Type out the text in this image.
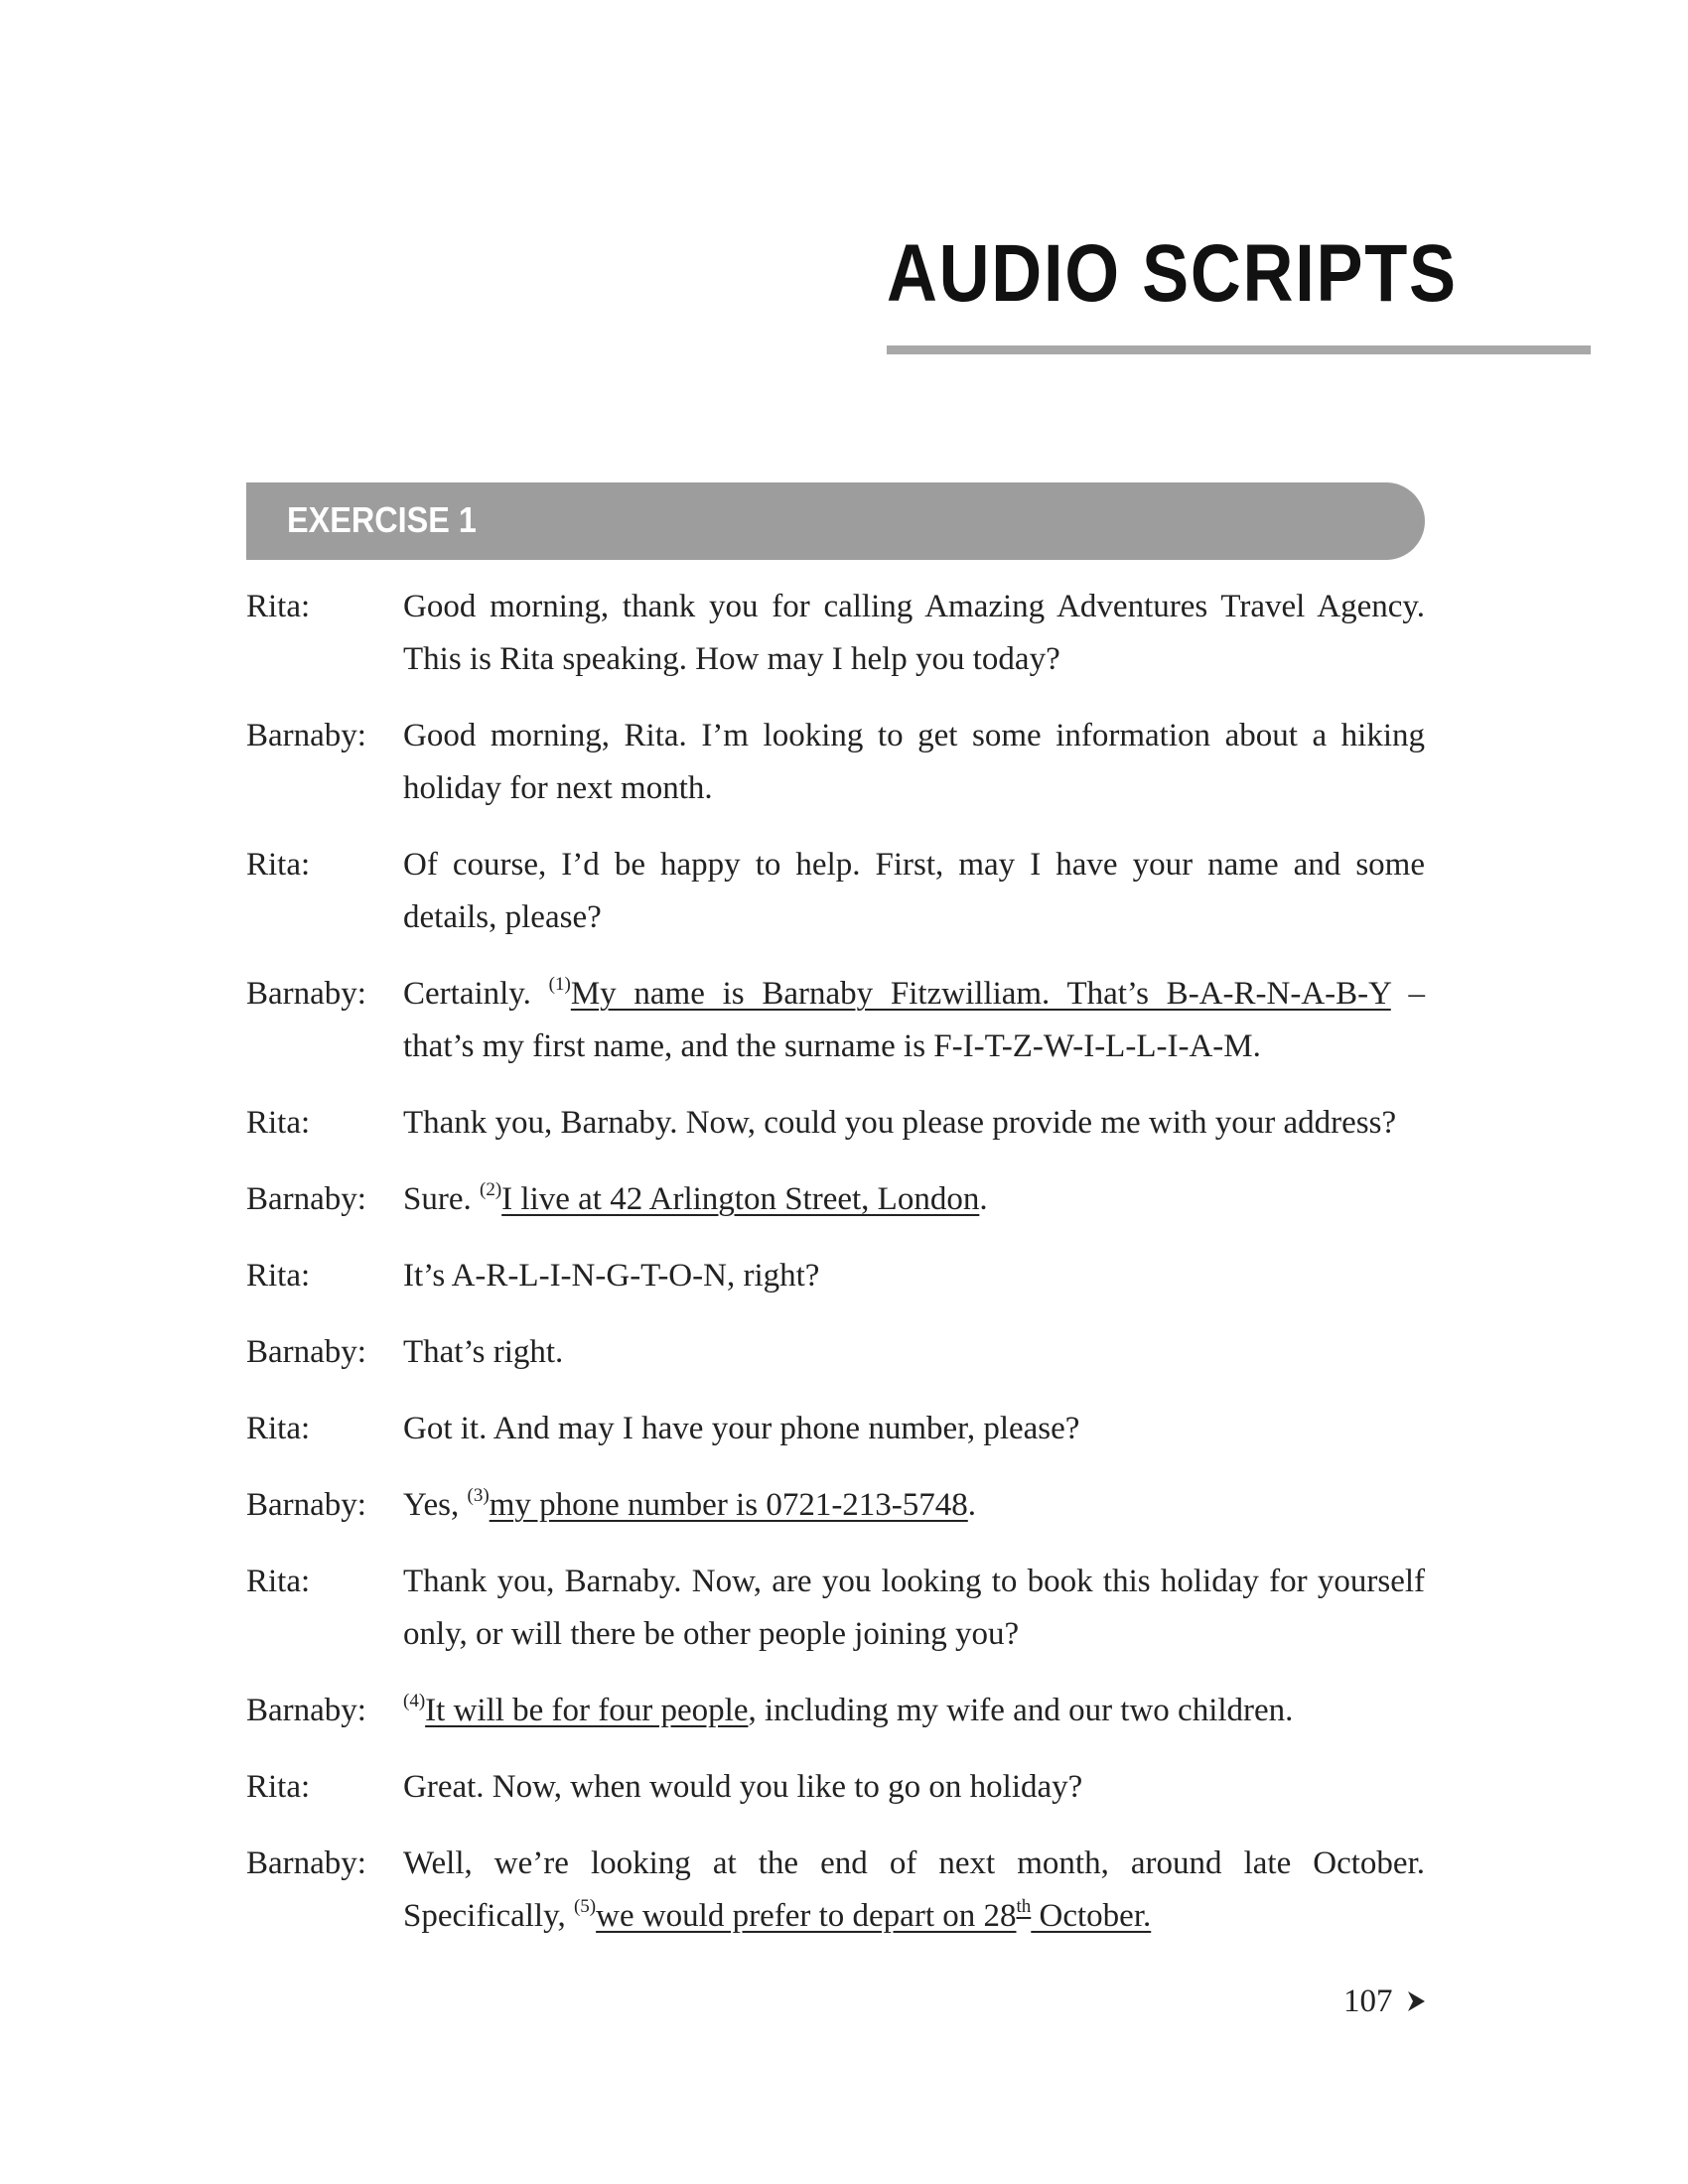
AUDIO SCRIPTS
EXERCISE 1
Rita:	Good morning, thank you for calling Amazing Adventures Travel Agency. This is Rita speaking. How may I help you today?
Barnaby:	Good morning, Rita. I’m looking to get some information about a hiking holiday for next month.
Rita:	Of course, I’d be happy to help. First, may I have your name and some details, please?
Barnaby:	Certainly. $^{(1)}$My name is Barnaby Fitzwilliam. That’s B-A-R-N-A-B-Y – that’s my first name, and the surname is F-I-T-Z-W-I-L-L-I-A-M.
Rita:	Thank you, Barnaby. Now, could you please provide me with your address?
Barnaby:	Sure. $^{(2)}$I live at 42 Arlington Street, London.
Rita:	It’s A-R-L-I-N-G-T-O-N, right?
Barnaby:	That’s right.
Rita:	Got it. And may I have your phone number, please?
Barnaby:	Yes, $^{(3)}$my phone number is 0721-213-5748.
Rita:	Thank you, Barnaby. Now, are you looking to book this holiday for yourself only, or will there be other people joining you?
Barnaby:	$^{(4)}$It will be for four people, including my wife and our two children.
Rita:	Great. Now, when would you like to go on holiday?
Barnaby:	Well, we’re looking at the end of next month, around late October. Specifically, $^{(5)}$we would prefer to depart on 28th October.
107
